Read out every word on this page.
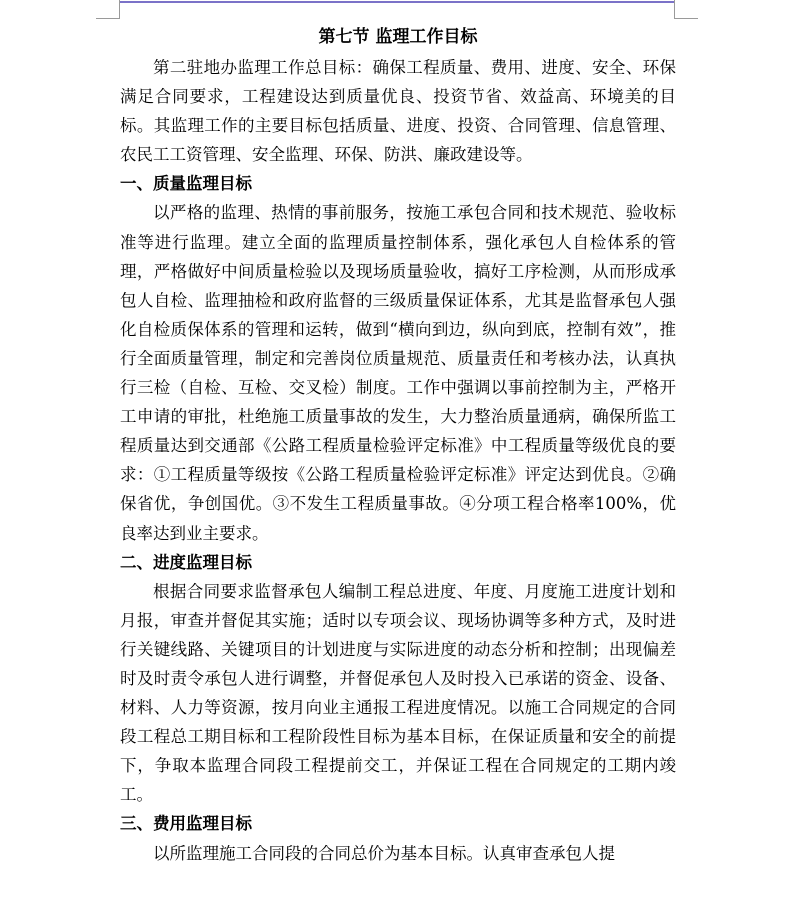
第七节 监理工作目标

第二驻地办监理工作总目标：确保工程质量、费用、进度、安全、环保满足合同要求，工程建设达到质量优良、投资节省、效益高、环境美的目标。其监理工作的主要目标包括质量、进度、投资、合同管理、信息管理、农民工工资管理、安全监理、环保、防洪、廉政建设等。

一、质量监理目标

以严格的监理、热情的事前服务，按施工承包合同和技术规范、验收标准等进行监理。建立全面的监理质量控制体系，强化承包人自检体系的管理，严格做好中间质量检验以及现场质量验收，搞好工序检测，从而形成承包人自检、监理抽检和政府监督的三级质量保证体系，尤其是监督承包人强化自检质保体系的管理和运转，做到“横向到边，纵向到底，控制有效”，推行全面质量管理，制定和完善岗位质量规范、质量责任和考核办法，认真执行三检（自检、互检、交叉检）制度。工作中强调以事前控制为主，严格开工申请的审批，杜绝施工质量事故的发生，大力整治质量通病，确保所监工程质量达到交通部《公路工程质量检验评定标准》中工程质量等级优良的要求：①工程质量等级按《公路工程质量检验评定标准》评定达到优良。②确保省优，争创国优。③不发生工程质量事故。④分项工程合格率100%，优良率达到业主要求。

二、进度监理目标

根据合同要求监督承包人编制工程总进度、年度、月度施工进度计划和月报，审查并督促其实施；适时以专项会议、现场协调等多种方式，及时进行关键线路、关键项目的计划进度与实际进度的动态分析和控制；出现偏差时及时责令承包人进行调整，并督促承包人及时投入已承诺的资金、设备、材料、人力等资源，按月向业主通报工程进度情况。以施工合同规定的合同段工程总工期目标和工程阶段性目标为基本目标，在保证质量和安全的前提下，争取本监理合同段工程提前交工，并保证工程在合同规定的工期内竣工。

三、费用监理目标

以所监理施工合同段的合同总价为基本目标。认真审查承包人提
